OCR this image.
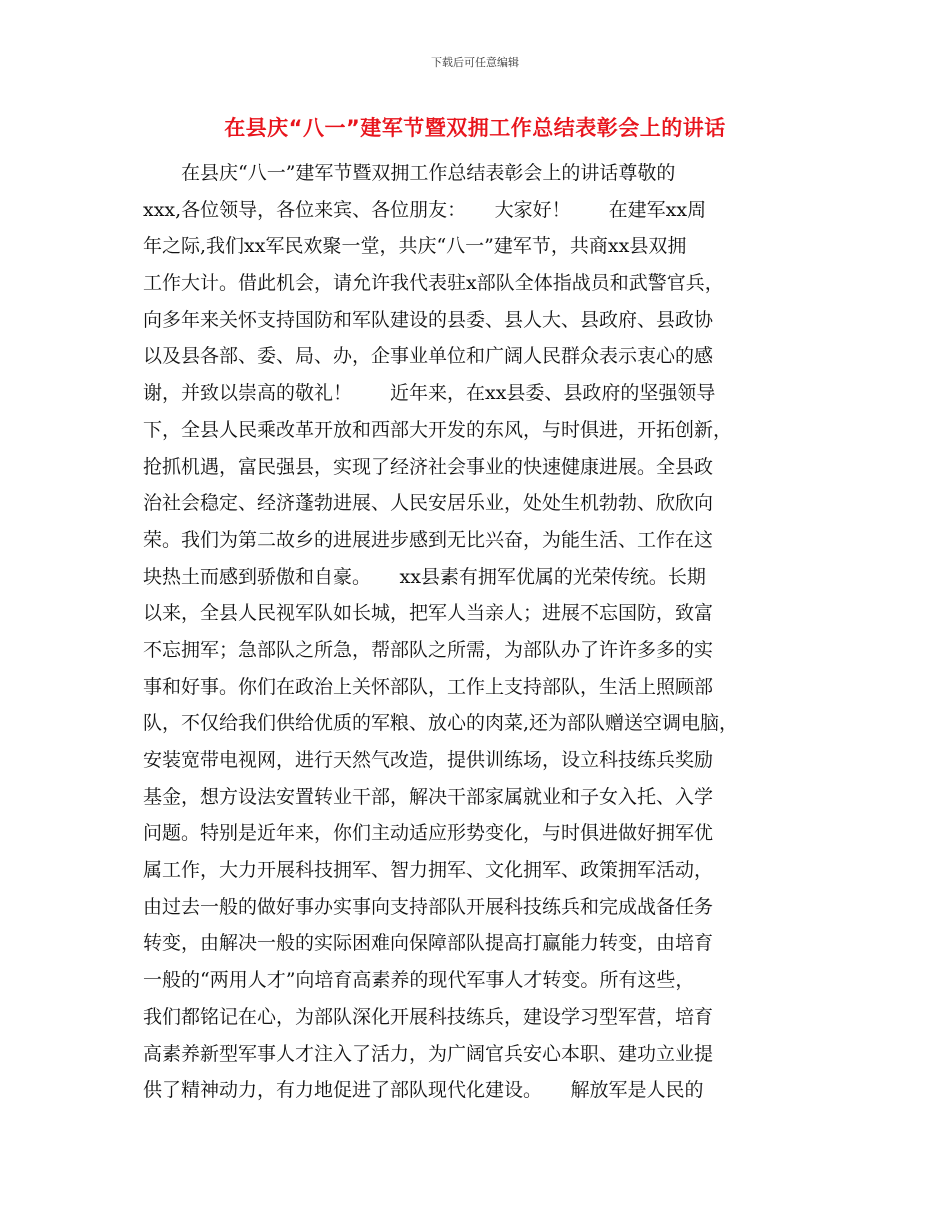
下载后可任意编辑
在县庆“八一”建军节暨双拥工作总结表彰会上的讲话
　　在县庆“八一”建军节暨双拥工作总结表彰会上的讲话尊敬的
xxx,各位领导，各位来宾、各位朋友：　　大家好！　　在建军xx周
年之际,我们xx军民欢聚一堂，共庆“八一”建军节，共商xx县双拥
工作大计。借此机会，请允许我代表驻x部队全体指战员和武警官兵，
向多年来关怀支持国防和军队建设的县委、县人大、县政府、县政协
以及县各部、委、局、办，企事业单位和广阔人民群众表示衷心的感
谢，并致以崇高的敬礼！　　近年来，在xx县委、县政府的坚强领导
下，全县人民乘改革开放和西部大开发的东风，与时俱进，开拓创新，
抢抓机遇，富民强县，实现了经济社会事业的快速健康进展。全县政
治社会稳定、经济蓬勃进展、人民安居乐业，处处生机勃勃、欣欣向
荣。我们为第二故乡的进展进步感到无比兴奋，为能生活、工作在这
块热土而感到骄傲和自豪。　　xx县素有拥军优属的光荣传统。长期
以来，全县人民视军队如长城，把军人当亲人；进展不忘国防，致富
不忘拥军；急部队之所急，帮部队之所需，为部队办了许许多多的实
事和好事。你们在政治上关怀部队，工作上支持部队，生活上照顾部
队，不仅给我们供给优质的军粮、放心的肉菜,还为部队赠送空调电脑，
安装宽带电视网，进行天然气改造，提供训练场，设立科技练兵奖励
基金，想方设法安置转业干部，解决干部家属就业和子女入托、入学
问题。特别是近年来，你们主动适应形势变化，与时俱进做好拥军优
属工作，大力开展科技拥军、智力拥军、文化拥军、政策拥军活动，
由过去一般的做好事办实事向支持部队开展科技练兵和完成战备任务
转变，由解决一般的实际困难向保障部队提高打赢能力转变，由培育
一般的“两用人才”向培育高素养的现代军事人才转变。所有这些，
我们都铭记在心，为部队深化开展科技练兵，建设学习型军营，培育
高素养新型军事人才注入了活力，为广阔官兵安心本职、建功立业提
供了精神动力，有力地促进了部队现代化建设。　　解放军是人民的
